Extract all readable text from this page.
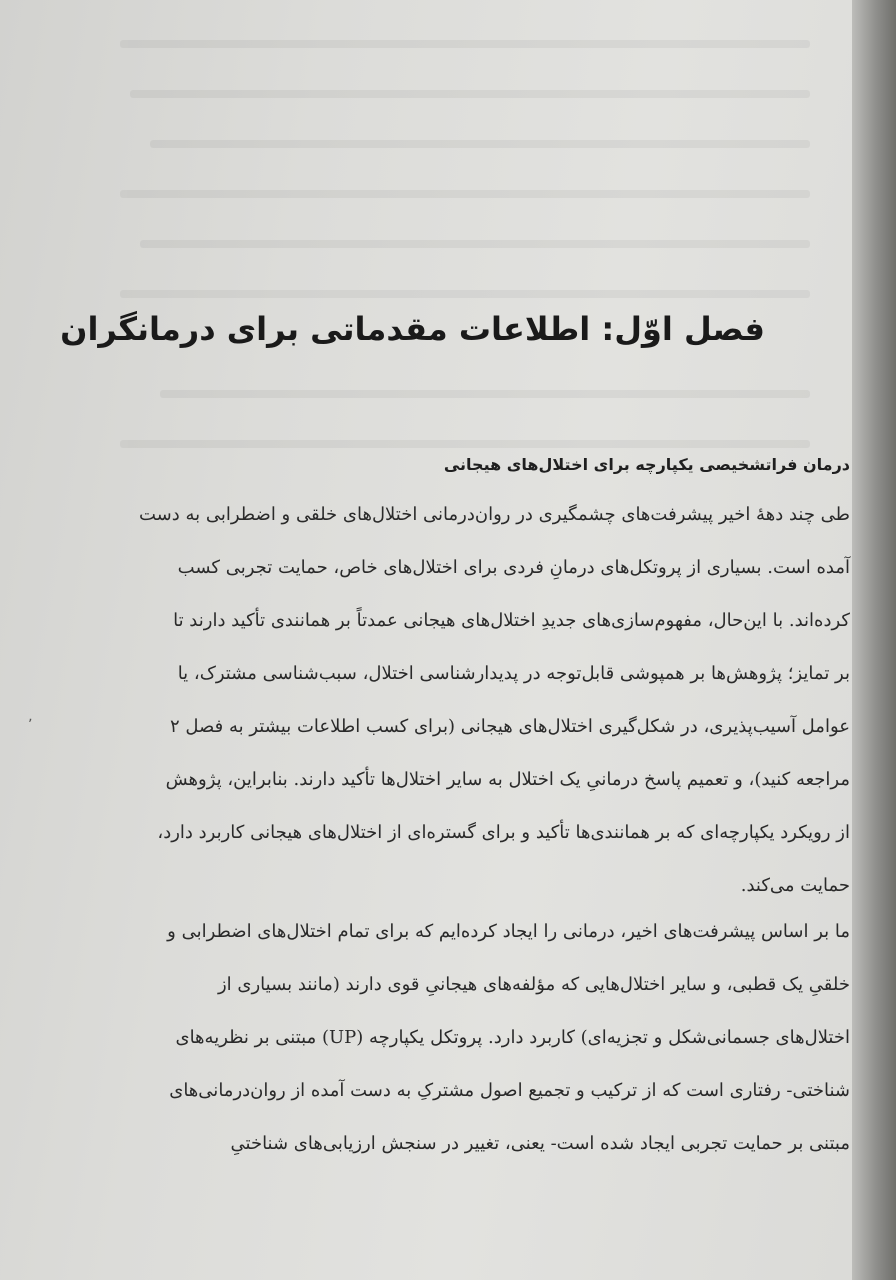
فصل اوّل: اطلاعات مقدماتی برای درمانگران
درمان فراتشخیصی یکپارچه برای اختلال‌های هیجانی
طی چند دههٔ اخیر پیشرفت‌های چشمگیری در روان‌درمانی اختلال‌های خلقی و اضطرابی به دست
آمده است. بسیاری از پروتکل‌های درمانِ فردی برای اختلال‌های خاص، حمایت تجربی کسب
کرده‌اند. با این‌حال، مفهوم‌سازی‌های جدیدِ اختلال‌های هیجانی عمدتاً بر همانندی تأکید دارند تا
بر تمایز؛ پژوهش‌ها بر همپوشی قابل‌توجه در پدیدارشناسی اختلال، سبب‌شناسی مشترک، یا
عوامل آسیب‌پذیری، در شکل‌گیری اختلال‌های هیجانی (برای کسب اطلاعات بیشتر به فصل ۲
مراجعه کنید)، و تعمیم پاسخ درمانیِ یک اختلال به سایر اختلال‌ها تأکید دارند. بنابراین، پژوهش
از رویکرد یکپارچه‌ای که بر همانندی‌ها تأکید و برای گستره‌ای از اختلال‌های هیجانی کاربرد دارد،
حمایت می‌کند.
ما بر اساس پیشرفت‌های اخیر، درمانی را ایجاد کرده‌ایم که برای تمام اختلال‌های اضطرابی و
خلقیِ یک قطبی، و سایر اختلال‌هایی که مؤلفه‌های هیجانیِ قوی دارند (مانند بسیاری از
اختلال‌های جسمانی‌شکل و تجزیه‌ای) کاربرد دارد. پروتکل یکپارچه (UP) مبتنی بر نظریه‌های
شناختی- رفتاری است که از ترکیب و تجمیع اصول مشترکِ به دست آمده از روان‌درمانی‌های
مبتنی بر حمایت تجربی ایجاد شده است- یعنی، تغییر در سنجش ارزیابی‌های شناختیِ
٬
